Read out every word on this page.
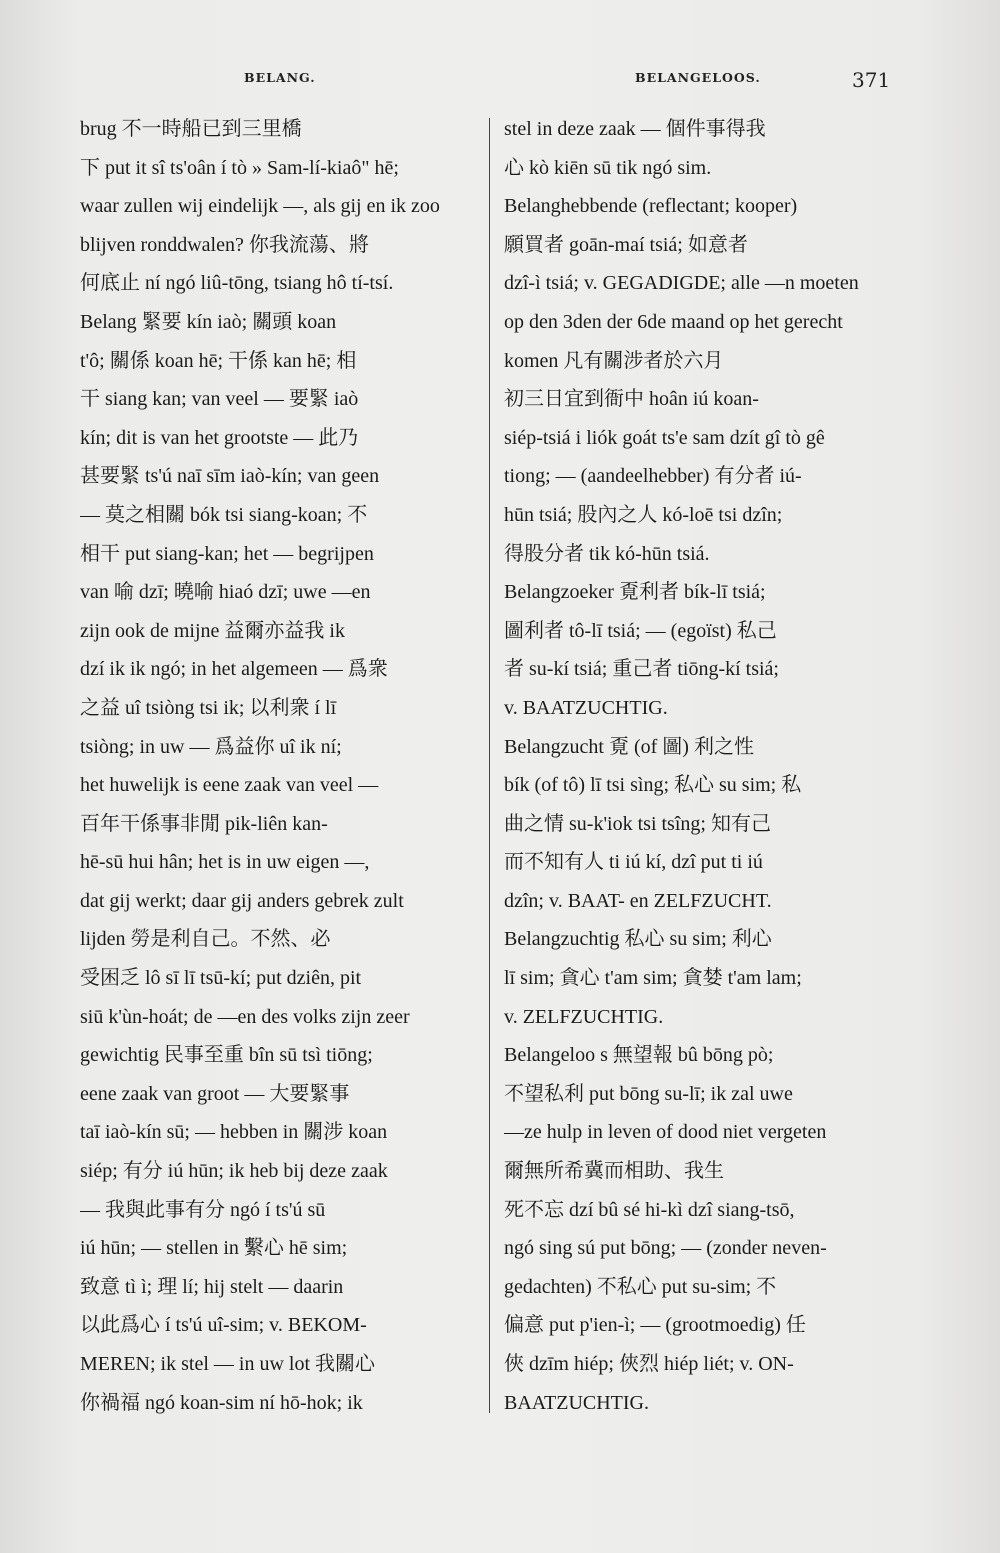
BELANG.	BELANGELOOS.	371
brug 不一時船已到三里橋
下 put it sî ts'oân í tò » Sam-lí-kiaô" hē;
waar zullen wij eindelijk —, als gij en ik zoo
blijven ronddwalen? 你我流蕩、將
何底止 ní ngó liû-tōng, tsiang hô tí-tsí.
Belang 緊要 kín iaò; 關頭 koan
t'ô; 關係 koan hē; 干係 kan hē; 相
干 siang kan; van veel — 要緊 iaò
kín; dit is van het grootste — 此乃
甚要緊 ts'ú naī sīm iaò-kín; van geen
— 莫之相關 bók tsi siang-koan; 不
相干 put siang-kan; het — begrijpen
van 喻 dzī; 曉喻 hiaó dzī; uwe —en
zijn ook de mijne 益爾亦益我 ik
dzí ik ik ngó; in het algemeen — 爲衆
之益 uî tsiòng tsi ik; 以利衆 í lī
tsiòng; in uw — 爲益你 uî ik ní;
het huwelijk is eene zaak van veel —
百年干係事非閒 pik-liên kan-
hē-sū hui hân; het is in uw eigen —,
dat gij werkt; daar gij anders gebrek zult
lijden 勞是利自己。不然、必
受困乏 lô sī lī tsū-kí; put dziên, pit
siū k'ùn-hoát; de —en des volks zijn zeer
gewichtig 民事至重 bîn sū tsì tiōng;
eene zaak van groot — 大要緊事
taī iaò-kín sū; — hebben in 關涉 koan
siép; 有分 iú hūn; ik heb bij deze zaak
— 我與此事有分 ngó í ts'ú sū
iú hūn; — stellen in 繫心 hē sim;
致意 tì ì; 理 lí; hij stelt — daarin
以此爲心 í ts'ú uî-sim; v. BEKOM-
MEREN; ik stel — in uw lot 我關心
你禍福 ngó koan-sim ní hō-hok; ik
stel in deze zaak — 個件事得我
心 kò kiēn sū tik ngó sim.
Belanghebbende (reflectant; kooper)
願買者 goān-maí tsiá; 如意者
dzî-ì tsiá; v. GEGADIGDE; alle —n moeten
op den 3den der 6de maand op het gerecht
komen 凡有關涉者於六月
初三日宜到衙中 hoân iú koan-
siép-tsiá i liók goát ts'e sam dzít gî tò gê
tiong; — (aandeelhebber) 有分者 iú-
hūn tsiá; 股內之人 kó-loē tsi dzîn;
得股分者 tik kó-hūn tsiá.
Belangzoeker 覔利者 bík-lī tsiá;
圖利者 tô-lī tsiá; — (egoïst) 私己
者 su-kí tsiá; 重己者 tiōng-kí tsiá;
v. BAATZUCHTIG.
Belangzucht 覔 (of 圖) 利之性
bík (of tô) lī tsi sìng; 私心 su sim; 私
曲之情 su-k'iok tsi tsîng; 知有己
而不知有人 ti iú kí, dzî put ti iú
dzîn; v. BAAT- en ZELFZUCHT.
Belangzuchtig 私心 su sim; 利心
lī sim; 貪心 t'am sim; 貪婪 t'am lam;
v. ZELFZUCHTIG.
Belangeloo s 無望報 bû bōng pò;
不望私利 put bōng su-lī; ik zal uwe
—ze hulp in leven of dood niet vergeten
爾無所希冀而相助、我生
死不忘 dzí bû sé hi-kì dzî siang-tsō,
ngó sing sú put bōng; — (zonder neven-
gedachten) 不私心 put su-sim; 不
偏意 put p'ien-ì; — (grootmoedig) 任
俠 dzīm hiép; 俠烈 hiép liét; v. ON-
BAATZUCHTIG.
